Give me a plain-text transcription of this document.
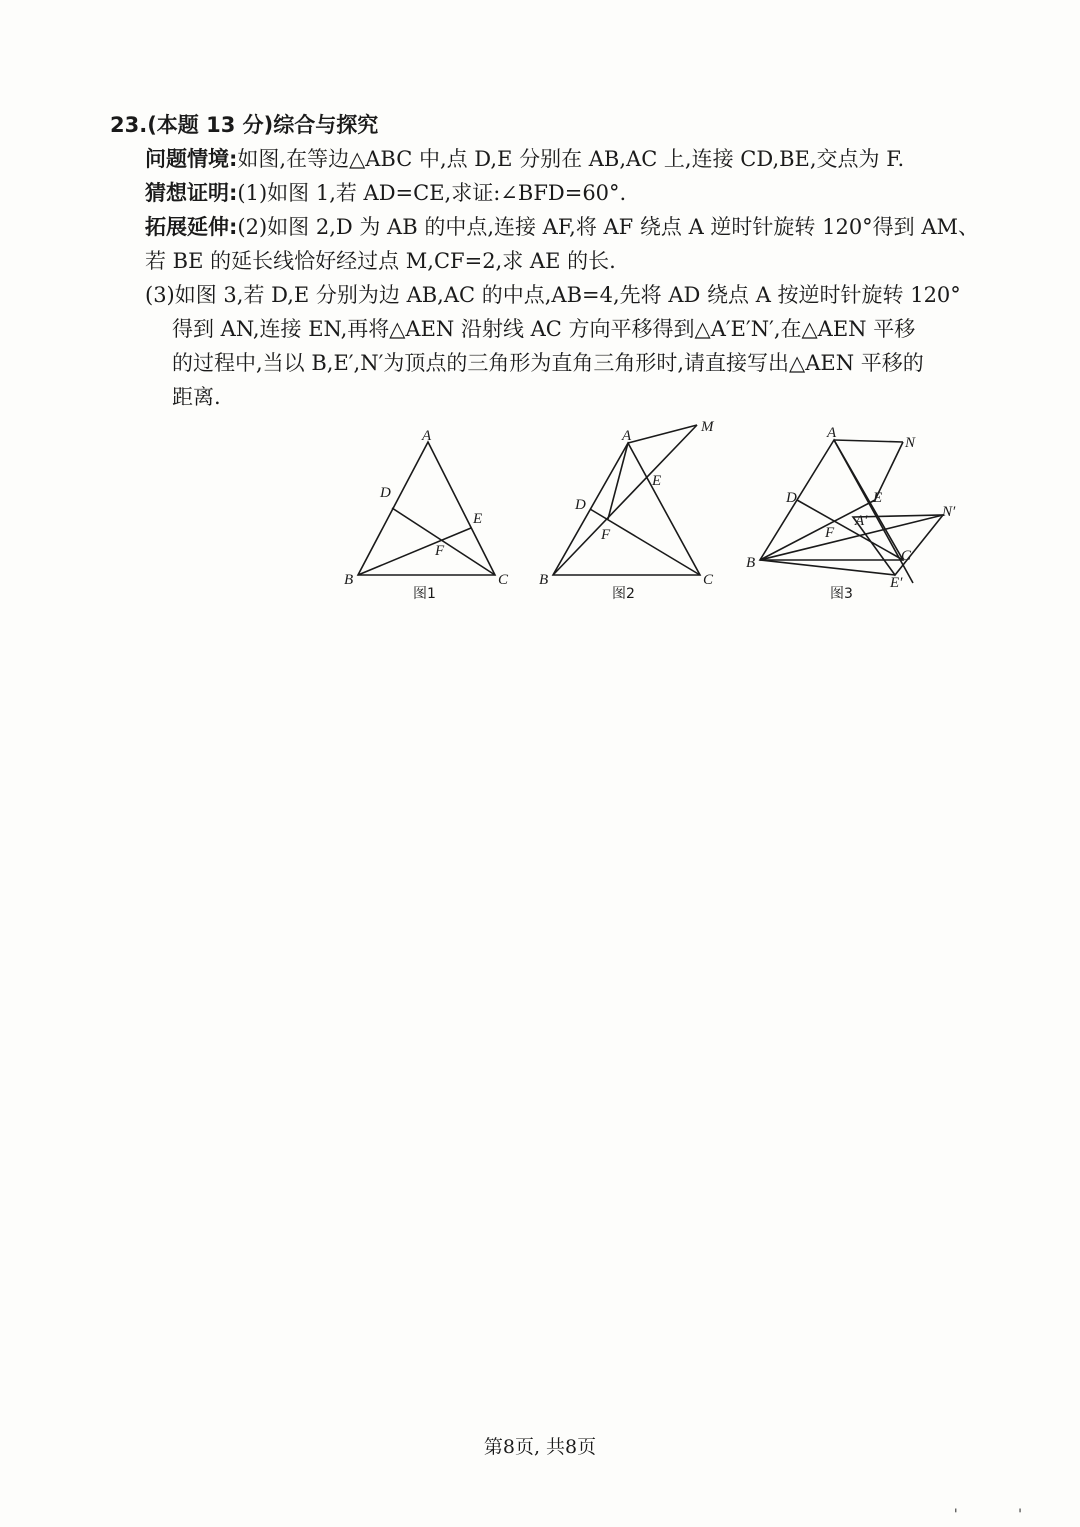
23.(本题 13 分)综合与探究
问题情境:如图,在等边△ABC 中,点 D,E 分别在 AB,AC 上,连接 CD,BE,交点为 F.
猜想证明:(1)如图 1,若 AD=CE,求证:∠BFD=60°.
拓展延伸:(2)如图 2,D 为 AB 的中点,连接 AF,将 AF 绕点 A 逆时针旋转 120°得到 AM、
若 BE 的延长线恰好经过点 M,CF=2,求 AE 的长.
(3)如图 3,若 D,E 分别为边 AB,AC 的中点,AB=4,先将 AD 绕点 A 按逆时针旋转 120°
得到 AN,连接 EN,再将△AEN 沿射线 AC 方向平移得到△A′E′N′,在△AEN 平移
的过程中,当以 B,E′,N′为顶点的三角形为直角三角形时,请直接写出△AEN 平移的
距离.
A
B	C
D
E
F
图1
A
B	C
D
E
F
M
图2
A
B	C
D	E
F
N
A′
N′
E′
图3
第8页, 共8页
' '
